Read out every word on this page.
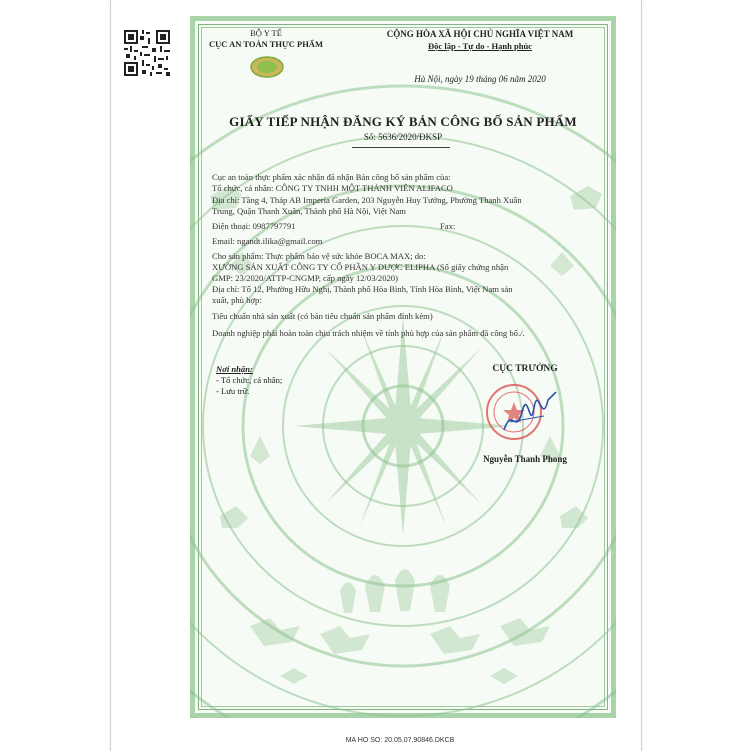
BỘ Y TẾ
CỤC AN TOÀN THỰC PHẨM
CỘNG HÒA XÃ HỘI CHỦ NGHĨA VIỆT NAM
Độc lập - Tự do - Hạnh phúc
Hà Nội, ngày 19 tháng 06 năm 2020
GIẤY TIẾP NHẬN ĐĂNG KÝ BẢN CÔNG BỐ SẢN PHẨM
Số: 5636/2020/ĐKSP
Cục an toàn thực phẩm xác nhận đã nhận Bản công bố sản phẩm của:
Tổ chức, cá nhân: CÔNG TY TNHH MỘT THÀNH VIÊN ALIFACO
Địa chỉ: Tầng 4, Tháp AB Imperia Garden, 203 Nguyễn Huy Tưởng, Phường Thanh Xuân
Trung, Quận Thanh Xuân, Thành phố Hà Nội, Việt Nam
Điện thoại: 0987797791	Fax:
Email: ngandt.ilika@gmail.com
Cho sản phẩm: Thực phẩm bảo vệ sức khỏe BOCA MAX; do:
XƯỞNG SẢN XUẤT CÔNG TY CỔ PHẦN Y DƯỢC ELIPHA (Số giấy chứng nhận
GMP: 23/2020/ATTP-CNGMP, cấp ngày 12/03/2020)
Địa chỉ: Tổ 12, Phường Hữu Nghị, Thành phố Hòa Bình, Tỉnh Hòa Bình, Việt Nam sản
xuất, phù hợp:
Tiêu chuẩn nhà sản xuất (có bản tiêu chuẩn sản phẩm đính kèm)
Doanh nghiệp phải hoàn toàn chịu trách nhiệm về tính phù hợp của sản phẩm đã công bố./.
Nơi nhận:
- Tổ chức, cá nhân;
- Lưu trữ.
CỤC TRƯỞNG
Nguyễn Thanh Phong
MA HO SO: 20.05.07.90846.DKCB
